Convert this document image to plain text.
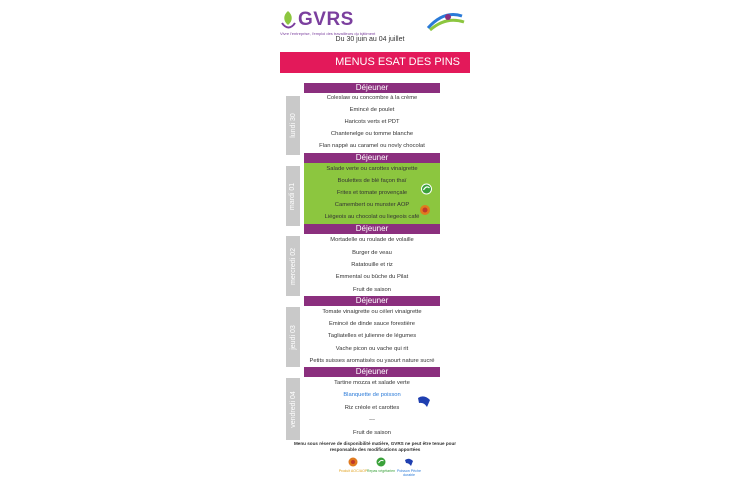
GVRS
Vivre l'entreprise, l'emploi des travailleurs du bâtiment
Du 30 juin au 04 juillet
MENUS ESAT DES PINS
lundi 30
Déjeuner
Coleslaw ou concombre à la crème
Emincé de poulet
Haricots verts et PDT
Chantenelge ou tomme blanche
Flan nappé au caramel ou novly chocolat
mardi 01
Déjeuner
Salade verte ou carottes vinaigrette
Boulettes de blé façon thaï
Frites et tomate provençale
Camembert ou munster AOP
Liégeois au chocolat ou liegeois café
mercredi 02
Déjeuner
Mortadelle ou roulade de volaille
Burger de veau
Ratatouille et riz
Emmental ou bûche du Pilat
Fruit de saison
jeudi 03
Déjeuner
Tomate vinaigrette ou céleri vinaigrette
Emincé de dinde sauce forestière
Tagliatelles et julienne de légumes
Vache picon ou vache qui rit
Petits suisses aromatisés ou yaourt nature sucré
vendredi 04
Déjeuner
Tartine mozza et salade verte
Blanquette de poisson
Riz créole et carottes
---
Fruit de saison
Menu sous réserve de disponibilité matière, GVRS ne peut être tenue pour responsable des modifications apportées
Produit AOC/AOP Repas végétarien Poisson Pêche durable
